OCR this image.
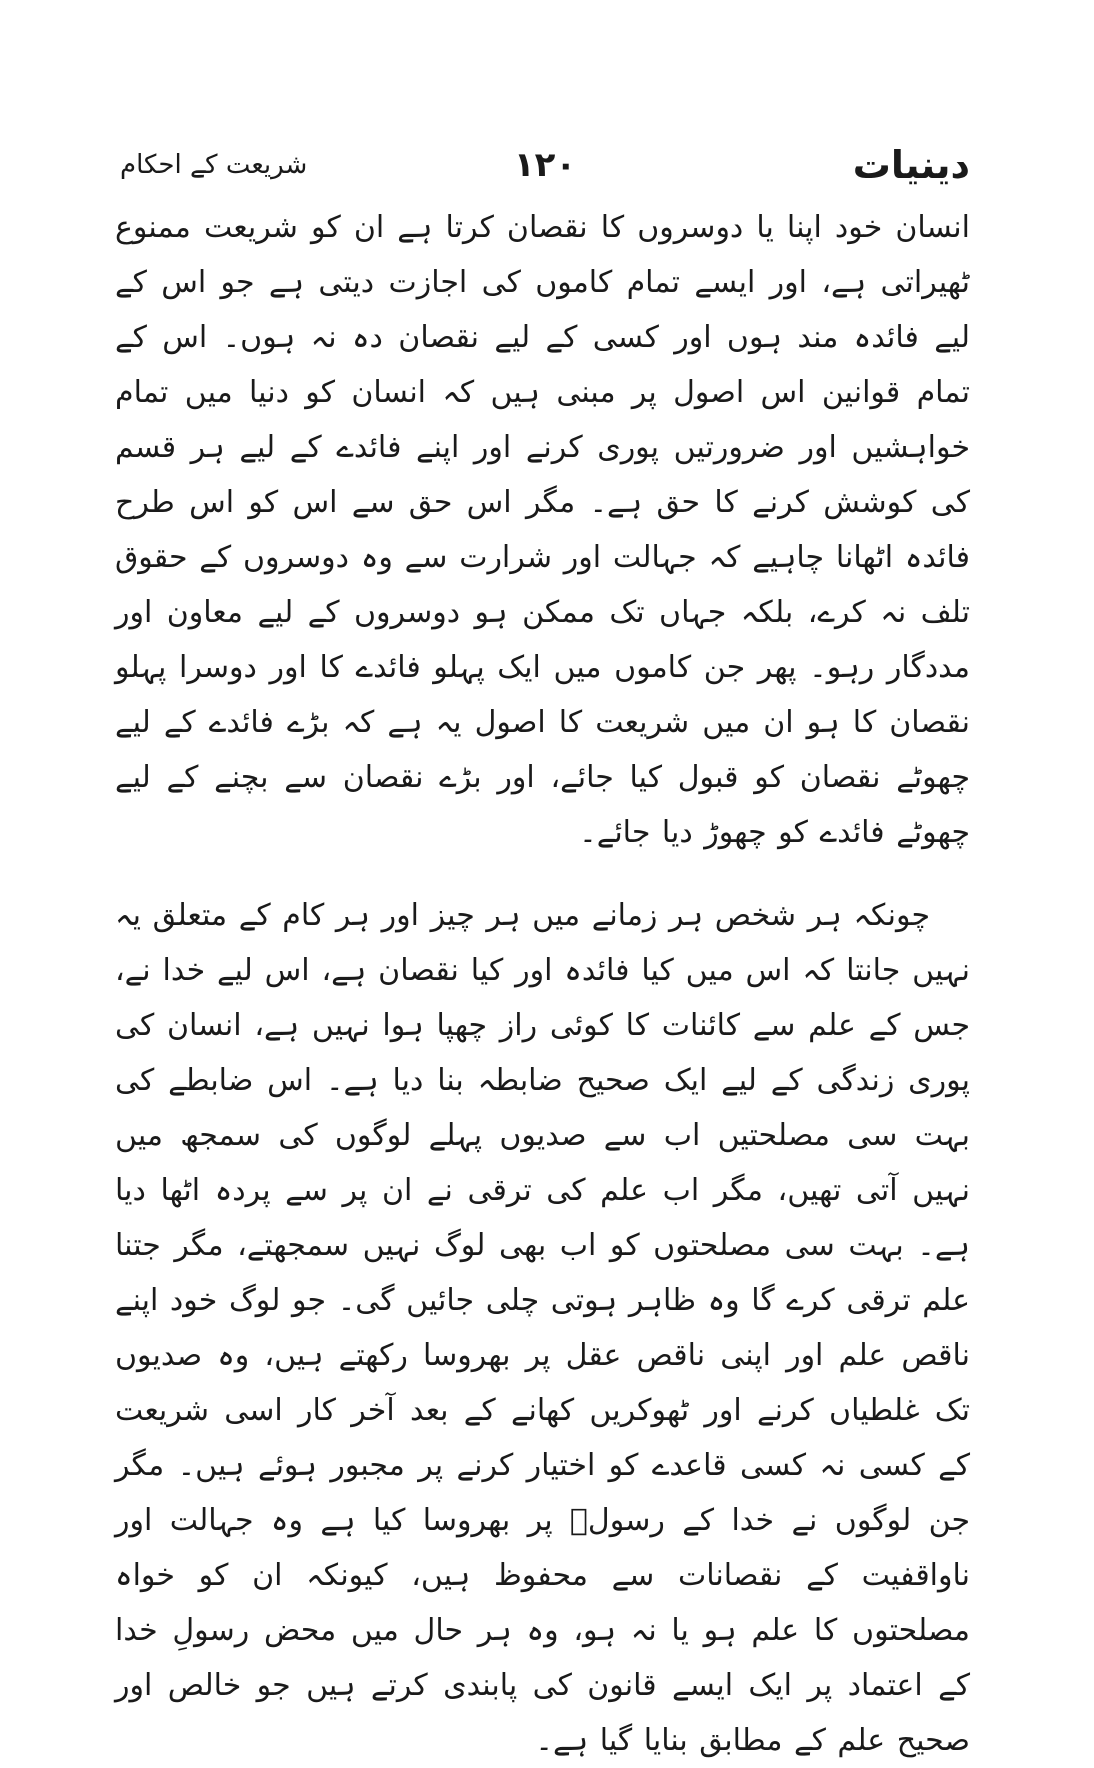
دینیات
۱۲۰
شریعت کے احکام

انسان خود اپنا یا دوسروں کا نقصان کرتا ہے ان کو شریعت ممنوع ٹھیراتی ہے، اور ایسے تمام کاموں کی اجازت دیتی ہے جو اس کے لیے فائدہ مند ہوں اور کسی کے لیے نقصان دہ نہ ہوں۔ اس کے تمام قوانین اس اصول پر مبنی ہیں کہ انسان کو دنیا میں تمام خواہشیں اور ضرورتیں پوری کرنے اور اپنے فائدے کے لیے ہر قسم کی کوشش کرنے کا حق ہے۔ مگر اس حق سے اس کو اس طرح فائدہ اٹھانا چاہیے کہ جہالت اور شرارت سے وہ دوسروں کے حقوق تلف نہ کرے، بلکہ جہاں تک ممکن ہو دوسروں کے لیے معاون اور مددگار رہو۔ پھر جن کاموں میں ایک پہلو فائدے کا اور دوسرا پہلو نقصان کا ہو ان میں شریعت کا اصول یہ ہے کہ بڑے فائدے کے لیے چھوٹے نقصان کو قبول کیا جائے، اور بڑے نقصان سے بچنے کے لیے چھوٹے فائدے کو چھوڑ دیا جائے۔

چونکہ ہر شخص ہر زمانے میں ہر چیز اور ہر کام کے متعلق یہ نہیں جانتا کہ اس میں کیا فائدہ اور کیا نقصان ہے، اس لیے خدا نے، جس کے علم سے کائنات کا کوئی راز چھپا ہوا نہیں ہے، انسان کی پوری زندگی کے لیے ایک صحیح ضابطہ بنا دیا ہے۔ اس ضابطے کی بہت سی مصلحتیں اب سے صدیوں پہلے لوگوں کی سمجھ میں نہیں آتی تھیں، مگر اب علم کی ترقی نے ان پر سے پردہ اٹھا دیا ہے۔ بہت سی مصلحتوں کو اب بھی لوگ نہیں سمجھتے، مگر جتنا علم ترقی کرے گا وہ ظاہر ہوتی چلی جائیں گی۔ جو لوگ خود اپنے ناقص علم اور اپنی ناقص عقل پر بھروسا رکھتے ہیں، وہ صدیوں تک غلطیاں کرنے اور ٹھوکریں کھانے کے بعد آخر کار اسی شریعت کے کسی نہ کسی قاعدے کو اختیار کرنے پر مجبور ہوئے ہیں۔ مگر جن لوگوں نے خدا کے رسولؐ پر بھروسا کیا ہے وہ جہالت اور ناواقفیت کے نقصانات سے محفوظ ہیں، کیونکہ ان کو خواہ مصلحتوں کا علم ہو یا نہ ہو، وہ ہر حال میں محض رسولِ خدا کے اعتماد پر ایک ایسے قانون کی پابندی کرتے ہیں جو خالص اور صحیح علم کے مطابق بنایا گیا ہے۔
